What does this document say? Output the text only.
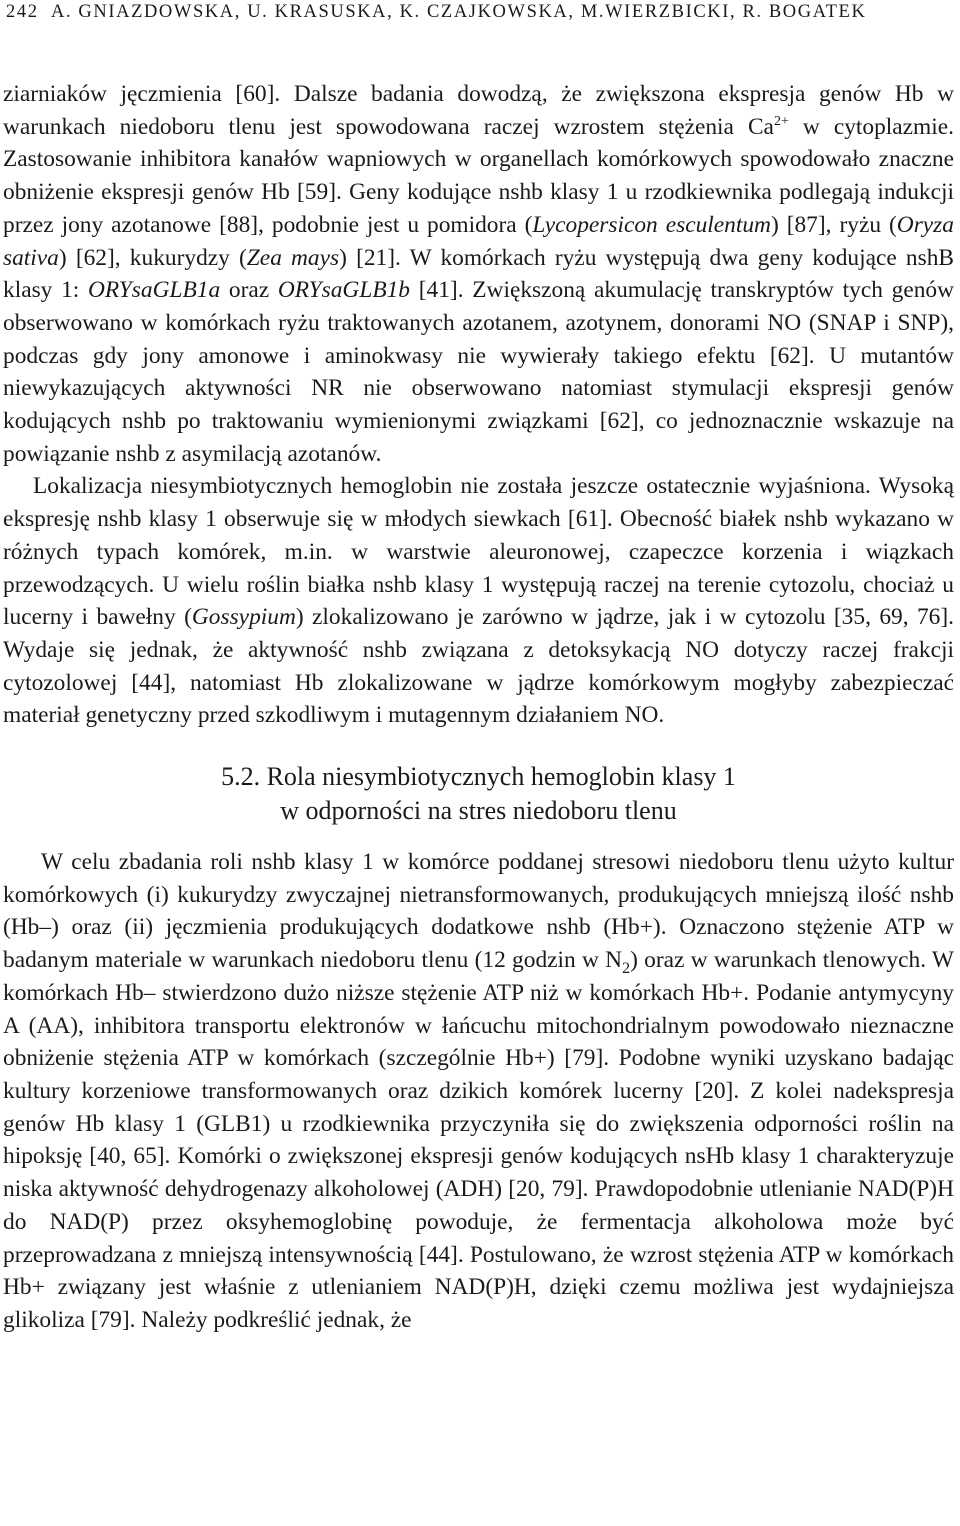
242 A. GNIAZDOWSKA, U. KRASUSKA, K. CZAJKOWSKA, M.WIERZBICKI, R. BOGATEK

ziarniaków jęczmienia [60]. Dalsze badania dowodzą, że zwiększona ekspresja genów Hb w warunkach niedoboru tlenu jest spowodowana raczej wzrostem stężenia $Ca^{2+}$ w cytoplazmie. Zastosowanie inhibitora kanałów wapniowych w organellach komórkowych spowodowało znaczne obniżenie ekspresji genów Hb [59]. Geny kodujące nshb klasy 1 u rzodkiewnika podlegają indukcji przez jony azotanowe [88], podobnie jest u pomidora (Lycopersicon esculentum) [87], ryżu (Oryza sativa) [62], kukurydzy (Zea mays) [21]. W komórkach ryżu występują dwa geny kodujące nshB klasy 1: ORYsaGLB1a oraz ORYsaGLB1b [41]. Zwiększoną akumulację transkryptów tych genów obserwowano w komórkach ryżu traktowanych azotanem, azotynem, donorami NO (SNAP i SNP), podczas gdy jony amonowe i aminokwasy nie wywierały takiego efektu [62]. U mutantów niewykazujących aktywności NR nie obserwowano natomiast stymulacji ekspresji genów kodujących nshb po traktowaniu wymienionymi związkami [62], co jednoznacznie wskazuje na powiązanie nshb z asymilacją azotanów.

Lokalizacja niesymbiotycznych hemoglobin nie została jeszcze ostatecznie wyjaśniona. Wysoką ekspresję nshb klasy 1 obserwuje się w młodych siewkach [61]. Obecność białek nshb wykazano w różnych typach komórek, m.in. w warstwie aleuronowej, czapeczce korzenia i wiązkach przewodzących. U wielu roślin białka nshb klasy 1 występują raczej na terenie cytozolu, chociaż u lucerny i bawełny (Gossypium) zlokalizowano je zarówno w jądrze, jak i w cytozolu [35, 69, 76]. Wydaje się jednak, że aktywność nshb związana z detoksykacją NO dotyczy raczej frakcji cytozolowej [44], natomiast Hb zlokalizowane w jądrze komórkowym mogłyby zabezpieczać materiał genetyczny przed szkodliwym i mutagennym działaniem NO.

5.2. Rola niesymbiotycznych hemoglobin klasy 1
w odporności na stres niedoboru tlenu

W celu zbadania roli nshb klasy 1 w komórce poddanej stresowi niedoboru tlenu użyto kultur komórkowych (i) kukurydzy zwyczajnej nietransformowanych, produkujących mniejszą ilość nshb (Hb–) oraz (ii) jęczmienia produkujących dodatkowe nshb (Hb+). Oznaczono stężenie ATP w badanym materiale w warunkach niedoboru tlenu (12 godzin w $N_2$) oraz w warunkach tlenowych. W komórkach Hb– stwierdzono dużo niższe stężenie ATP niż w komórkach Hb+. Podanie antymycyny A (AA), inhibitora transportu elektronów w łańcuchu mitochondrialnym powodowało nieznaczne obniżenie stężenia ATP w komórkach (szczególnie Hb+) [79]. Podobne wyniki uzyskano badając kultury korzeniowe transformowanych oraz dzikich komórek lucerny [20]. Z kolei nadekspresja genów Hb klasy 1 (GLB1) u rzodkiewnika przyczyniła się do zwiększenia odporności roślin na hipoksję [40, 65]. Komórki o zwiększonej ekspresji genów kodujących nsHb klasy 1 charakteryzuje niska aktywność dehydrogenazy alkoholowej (ADH) [20, 79]. Prawdopodobnie utlenianie NAD(P)H do NAD(P) przez oksyhemoglobinę powoduje, że fermentacja alkoholowa może być przeprowadzana z mniejszą intensywnością [44]. Postulowano, że wzrost stężenia ATP w komórkach Hb+ związany jest właśnie z utlenianiem NAD(P)H, dzięki czemu możliwa jest wydajniejsza glikoliza [79]. Należy podkreślić jednak, że
